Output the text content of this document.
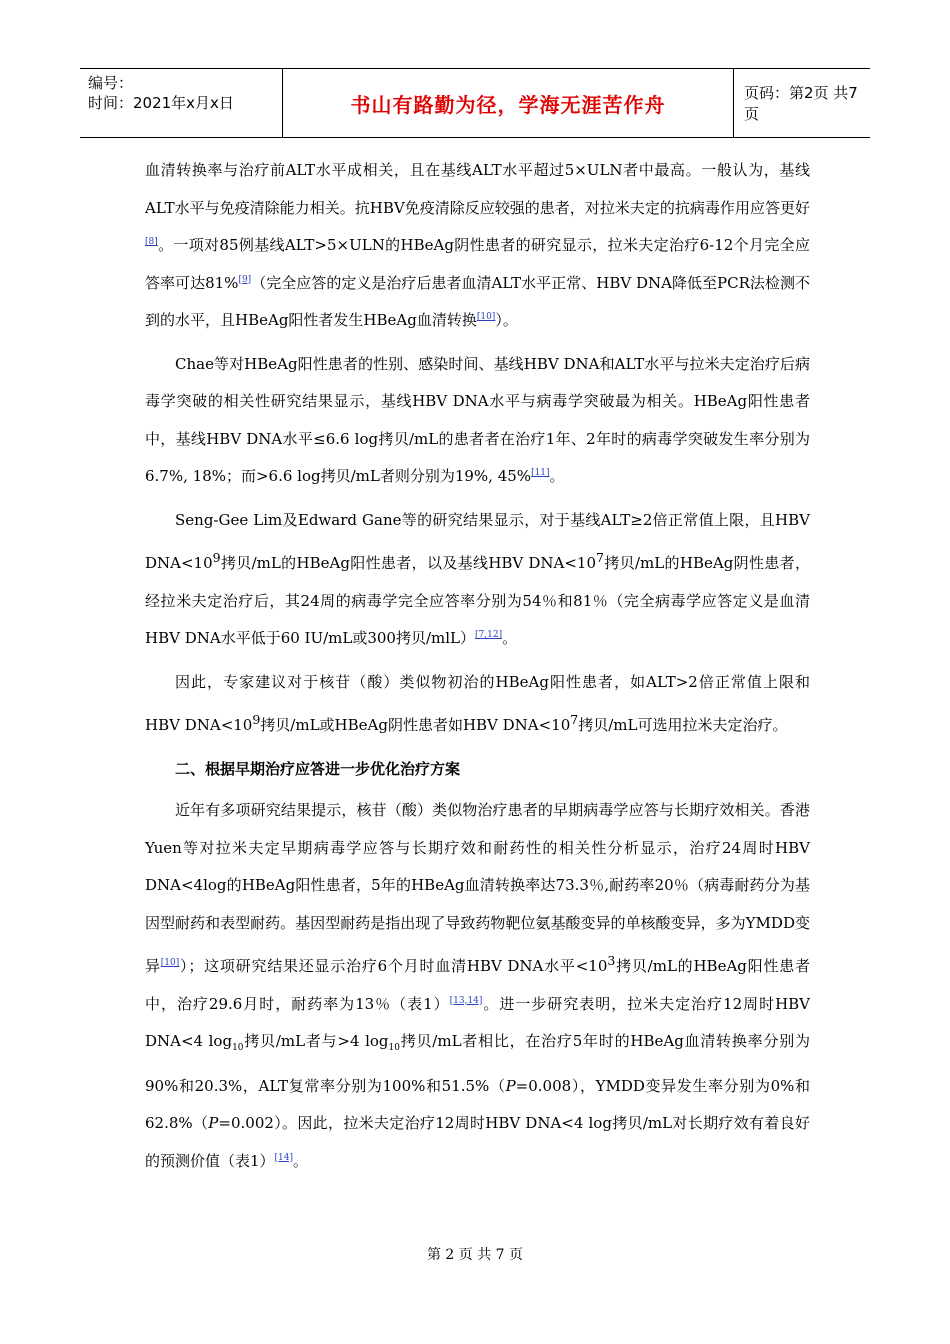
编号：
时间：2021年x月x日	书山有路勤为径，学海无涯苦作舟	页码：第2页 共7页

血清转换率与治疗前ALT水平成相关，且在基线ALT水平超过5×ULN者中最高。一般认为，基线ALT水平与免疫清除能力相关。抗HBV免疫清除反应较强的患者，对拉米夫定的抗病毒作用应答更好[8]。一项对85例基线ALT>5×ULN的HBeAg阴性患者的研究显示，拉米夫定治疗6-12个月完全应答率可达81%[9]（完全应答的定义是治疗后患者血清ALT水平正常、HBV DNA降低至PCR法检测不到的水平，且HBeAg阳性者发生HBeAg血清转换[10]）。

Chae等对HBeAg阳性患者的性别、感染时间、基线HBV DNA和ALT水平与拉米夫定治疗后病毒学突破的相关性研究结果显示，基线HBV DNA水平与病毒学突破最为相关。HBeAg阳性患者中，基线HBV DNA水平≤6.6 log拷贝/mL的患者者在治疗1年、2年时的病毒学突破发生率分别为6.7%, 18%；而>6.6 log拷贝/mL者则分别为19%, 45%[11]。

Seng-Gee Lim及Edward Gane等的研究结果显示，对于基线ALT≥2倍正常值上限，且HBV $DNA<10^9$拷贝/mL的HBeAg阳性患者，以及基线HBV $DNA<10^7$拷贝/mL的HBeAg阴性患者，经拉米夫定治疗后，其24周的病毒学完全应答率分别为54％和81％（完全病毒学应答定义是血清HBV DNA水平低于60 IU/mL或300拷贝/mlL）[7,12]。

因此，专家建议对于核苷（酸）类似物初治的HBeAg阳性患者，如ALT>2倍正常值上限和HBV $DNA<10^9$拷贝/mL或HBeAg阴性患者如HBV $DNA<10^7$拷贝/mL可选用拉米夫定治疗。

二、根据早期治疗应答进一步优化治疗方案

近年有多项研究结果提示，核苷（酸）类似物治疗患者的早期病毒学应答与长期疗效相关。香港Yuen等对拉米夫定早期病毒学应答与长期疗效和耐药性的相关性分析显示，治疗24周时HBV DNA<4log的HBeAg阳性患者，5年的HBeAg血清转换率达73.3％,耐药率20％（病毒耐药分为基因型耐药和表型耐药。基因型耐药是指出现了导致药物靶位氨基酸变异的单核酸变异，多为YMDD变异[10]）；这项研究结果还显示治疗6个月时血清HBV DNA水平$<10^3$拷贝/mL的HBeAg阳性患者中，治疗29.6月时，耐药率为13％（表1）[13,14]。进一步研究表明，拉米夫定治疗12周时HBV DNA<4 $\log_{10}$拷贝/mL者与>4 $\log_{10}$拷贝/mL者相比，在治疗5年时的HBeAg血清转换率分别为90%和20.3%，ALT复常率分别为100%和51.5%（P=0.008），YMDD变异发生率分别为0%和62.8%（P=0.002）。因此，拉米夫定治疗12周时HBV DNA<4 log拷贝/mL对长期疗效有着良好的预测价值（表1）[14]。

第 2 页 共 7 页
